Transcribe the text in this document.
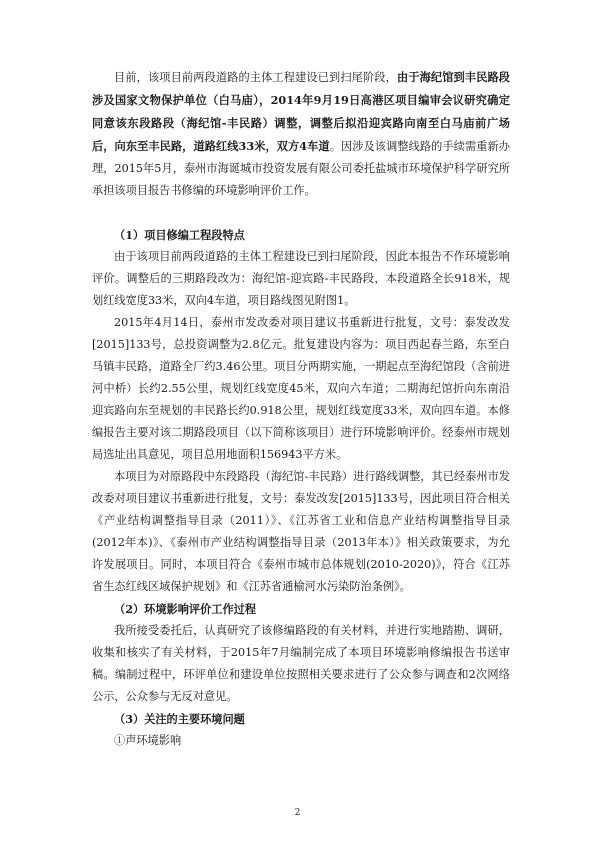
目前，该项目前两段道路的主体工程建设已到扫尾阶段，由于海纪馆到丰民路段涉及国家文物保护单位（白马庙），2014年9月19日高港区项目编审会议研究确定同意该东段路段（海纪馆-丰民路）调整，调整后拟沿迎宾路向南至白马庙前广场后，向东至丰民路，道路红线33米，双方4车道。因涉及该调整线路的手续需重新办理，2015年5月，泰州市海诞城市投资发展有限公司委托盐城市环境保护科学研究所承担该项目报告书修编的环境影响评价工作。

（1）项目修编工程段特点

由于该项目前两段道路的主体工程建设已到扫尾阶段，因此本报告不作环境影响评价。调整后的三期路段改为：海纪馆-迎宾路-丰民路段，本段道路全长918米，规划红线宽度33米，双向4车道，项目路线图见附图1。

2015年4月14日，泰州市发改委对项目建议书重新进行批复，文号：泰发改发[2015]133号，总投资调整为2.8亿元。批复建设内容为：项目西起春兰路，东至白马镇丰民路，道路全厂约3.46公里。项目分两期实施，一期起点至海纪馆段（含前进河中桥）长约2.55公里，规划红线宽度45米，双向六车道；二期海纪馆折向东南沿迎宾路向东至规划的丰民路长约0.918公里，规划红线宽度33米，双向四车道。本修编报告主要对该二期路段项目（以下简称该项目）进行环境影响评价。经泰州市规划局选址出具意见，项目总用地面积156943平方米。

本项目为对原路段中东段路段（海纪馆-丰民路）进行路线调整，其已经泰州市发改委对项目建议书重新进行批复，文号：泰发改发[2015]133号，因此项目符合相关《产业结构调整指导目录（2011）》、《江苏省工业和信息产业结构调整指导目录(2012年本)》、《泰州市产业结构调整指导目录（2013年本）》相关政策要求，为允许发展项目。同时，本项目符合《泰州市城市总体规划(2010-2020)》，符合《江苏省生态红线区域保护规划》和《江苏省通榆河水污染防治条例》。

（2）环境影响评价工作过程

我所接受委托后，认真研究了该修编路段的有关材料，并进行实地踏勘、调研，收集和核实了有关材料，于2015年7月编制完成了本项目环境影响修编报告书送审稿。编制过程中，环评单位和建设单位按照相关要求进行了公众参与调查和2次网络公示，公众参与无反对意见。

（3）关注的主要环境问题

①声环境影响

2
